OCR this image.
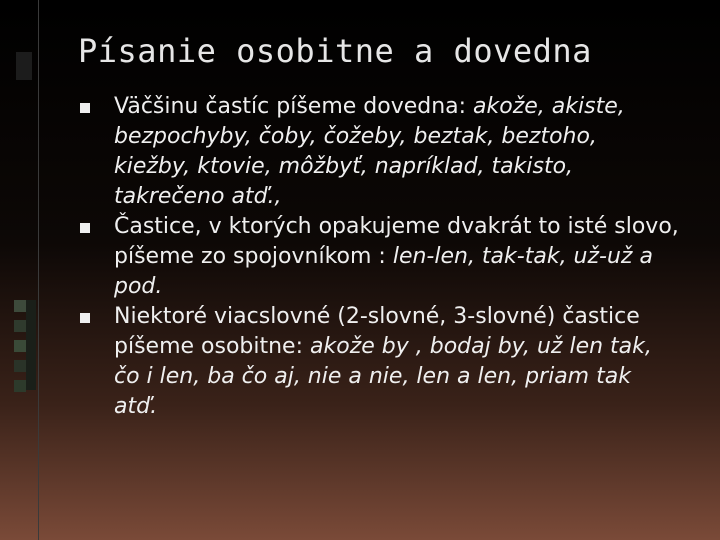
Písanie osobitne a dovedna
Väčšinu častíc píšeme dovedna: akože, akiste, bezpochyby, čoby, čožeby, beztak, beztoho, kiežby, ktovie, môžbyť, napríklad, takisto, takrečeno atď.,
Častice, v ktorých opakujeme dvakrát to isté slovo, píšeme zo spojovníkom : len-len, tak-tak, už-už a pod.
Niektoré viacslovné (2-slovné, 3-slovné) častice píšeme osobitne: akože by , bodaj by, už len tak, čo i len, ba čo aj, nie a nie, len a len, priam tak atď.
